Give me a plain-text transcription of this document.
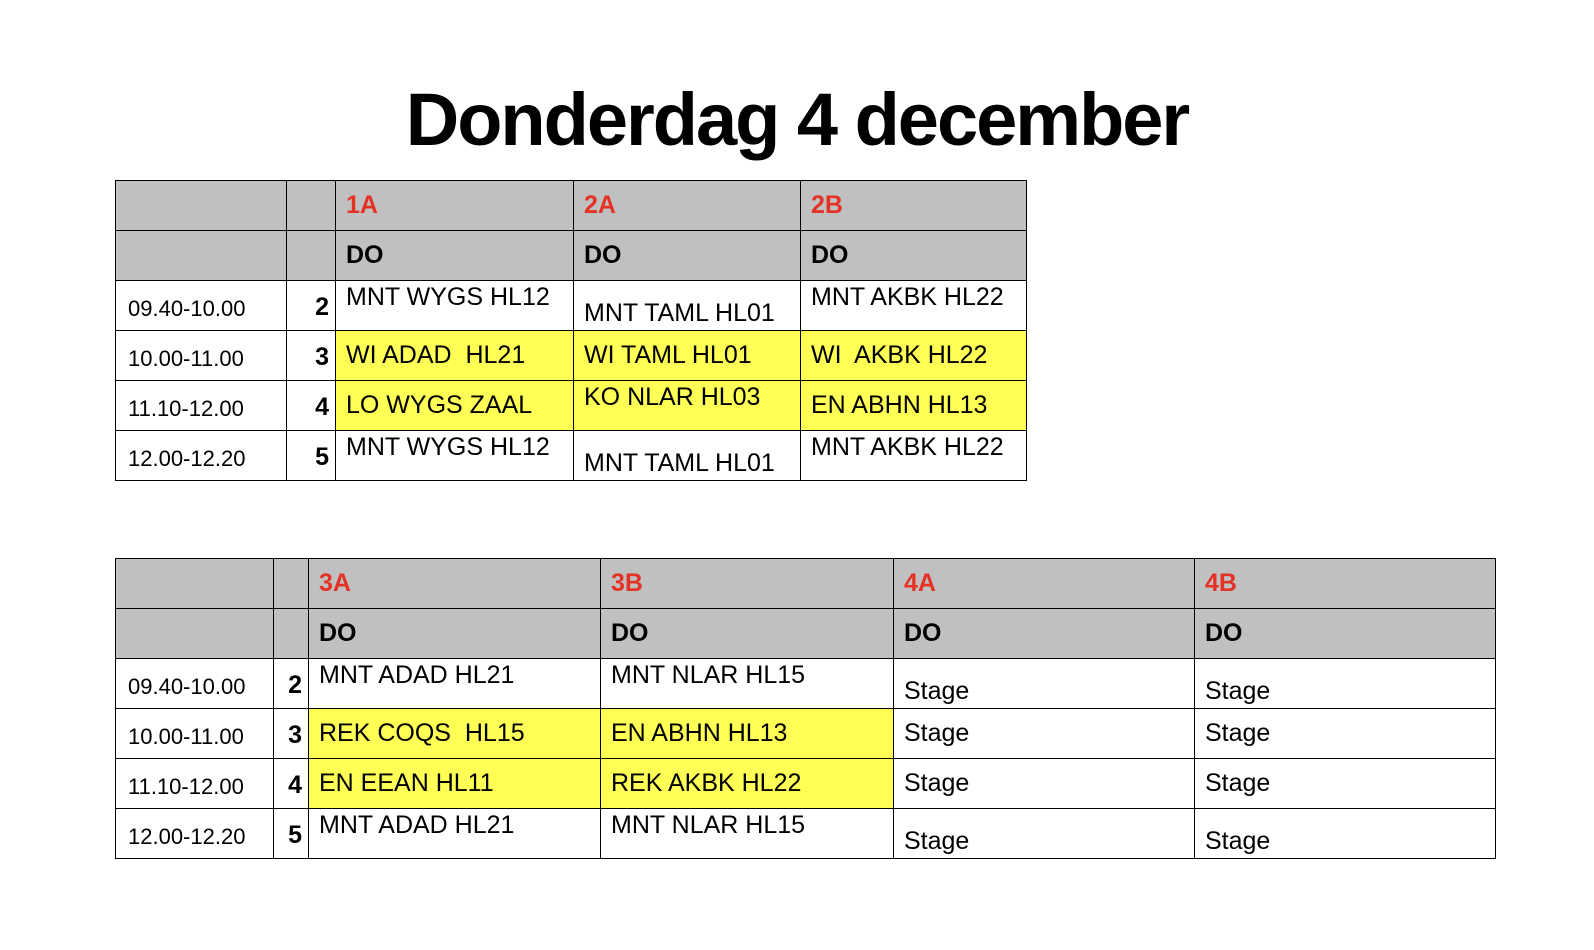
Donderdag 4 december
		1A	2A	2B
		DO	DO	DO
09.40-10.00	2	MNT WYGS HL12	MNT TAML HL01	MNT AKBK HL22
10.00-11.00	3	WI ADAD  HL21	WI TAML HL01	WI  AKBK HL22
11.10-12.00	4	LO WYGS ZAAL	KO NLAR HL03	EN ABHN HL13
12.00-12.20	5	MNT WYGS HL12	MNT TAML HL01	MNT AKBK HL22
		3A	3B	4A	4B
		DO	DO	DO	DO
09.40-10.00	2	MNT ADAD HL21	MNT NLAR HL15	Stage	Stage
10.00-11.00	3	REK COQS  HL15	EN ABHN HL13	Stage	Stage
11.10-12.00	4	EN EEAN HL11	REK AKBK HL22	Stage	Stage
12.00-12.20	5	MNT ADAD HL21	MNT NLAR HL15	Stage	Stage
